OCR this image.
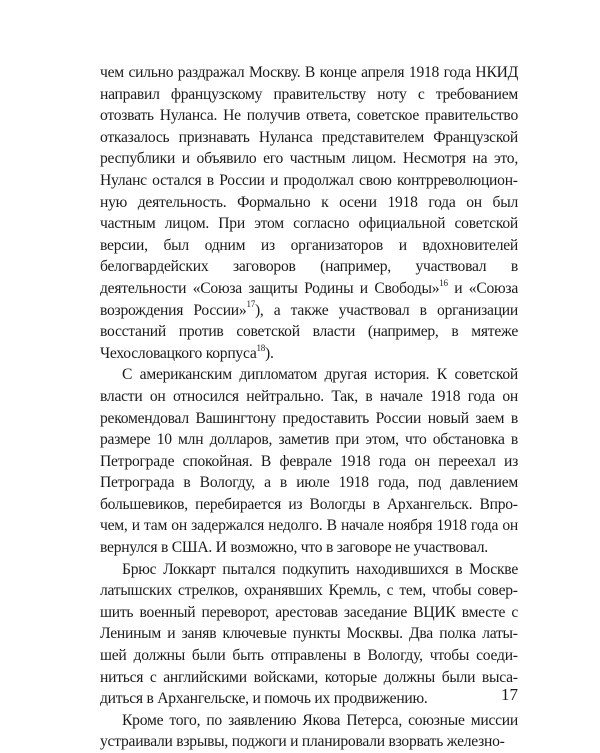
чем сильно раздражал Москву. В конце апреля 1918 года НКИД направил французскому правительству ноту с требованием отозвать Нуланса. Не получив ответа, советское правительство отказалось признавать Нуланса представителем Французской республики и объявило его частным лицом. Несмотря на это, Нуланс остался в России и продолжал свою контрреволюционную деятельность. Формально к осени 1918 года он был частным лицом. При этом согласно официальной советской версии, был одним из организаторов и вдохновителей белогвардейских заговоров (например, участвовал в деятельности «Союза защиты Родины и Свободы»$^{16}$ и «Союза возрождения России»$^{17}$), а также участвовал в организации восстаний против советской власти (например, в мятеже Чехословацкого корпуса$^{18}$).

С американским дипломатом другая история. К советской власти он относился нейтрально. Так, в начале 1918 года он рекомендовал Вашингтону предоставить России новый заем в размере 10 млн долларов, заметив при этом, что обстановка в Петрограде спокойная. В феврале 1918 года он переехал из Петрограда в Вологду, а в июле 1918 года, под давлением большевиков, перебирается из Вологды в Архангельск. Впрочем, и там он задержался недолго. В начале ноября 1918 года он вернулся в США. И возможно, что в заговоре не участвовал.

Брюс Локкарт пытался подкупить находившихся в Москве латышских стрелков, охранявших Кремль, с тем, чтобы совершить военный переворот, арестовав заседание ВЦИК вместе с Лениным и заняв ключевые пункты Москвы. Два полка латышей должны были быть отправлены в Вологду, чтобы соединиться с английскими войсками, которые должны были высадиться в Архангельске, и помочь их продвижению.

Кроме того, по заявлению Якова Петерса, союзные миссии устраивали взрывы, поджоги и планировали взорвать железно-

17
